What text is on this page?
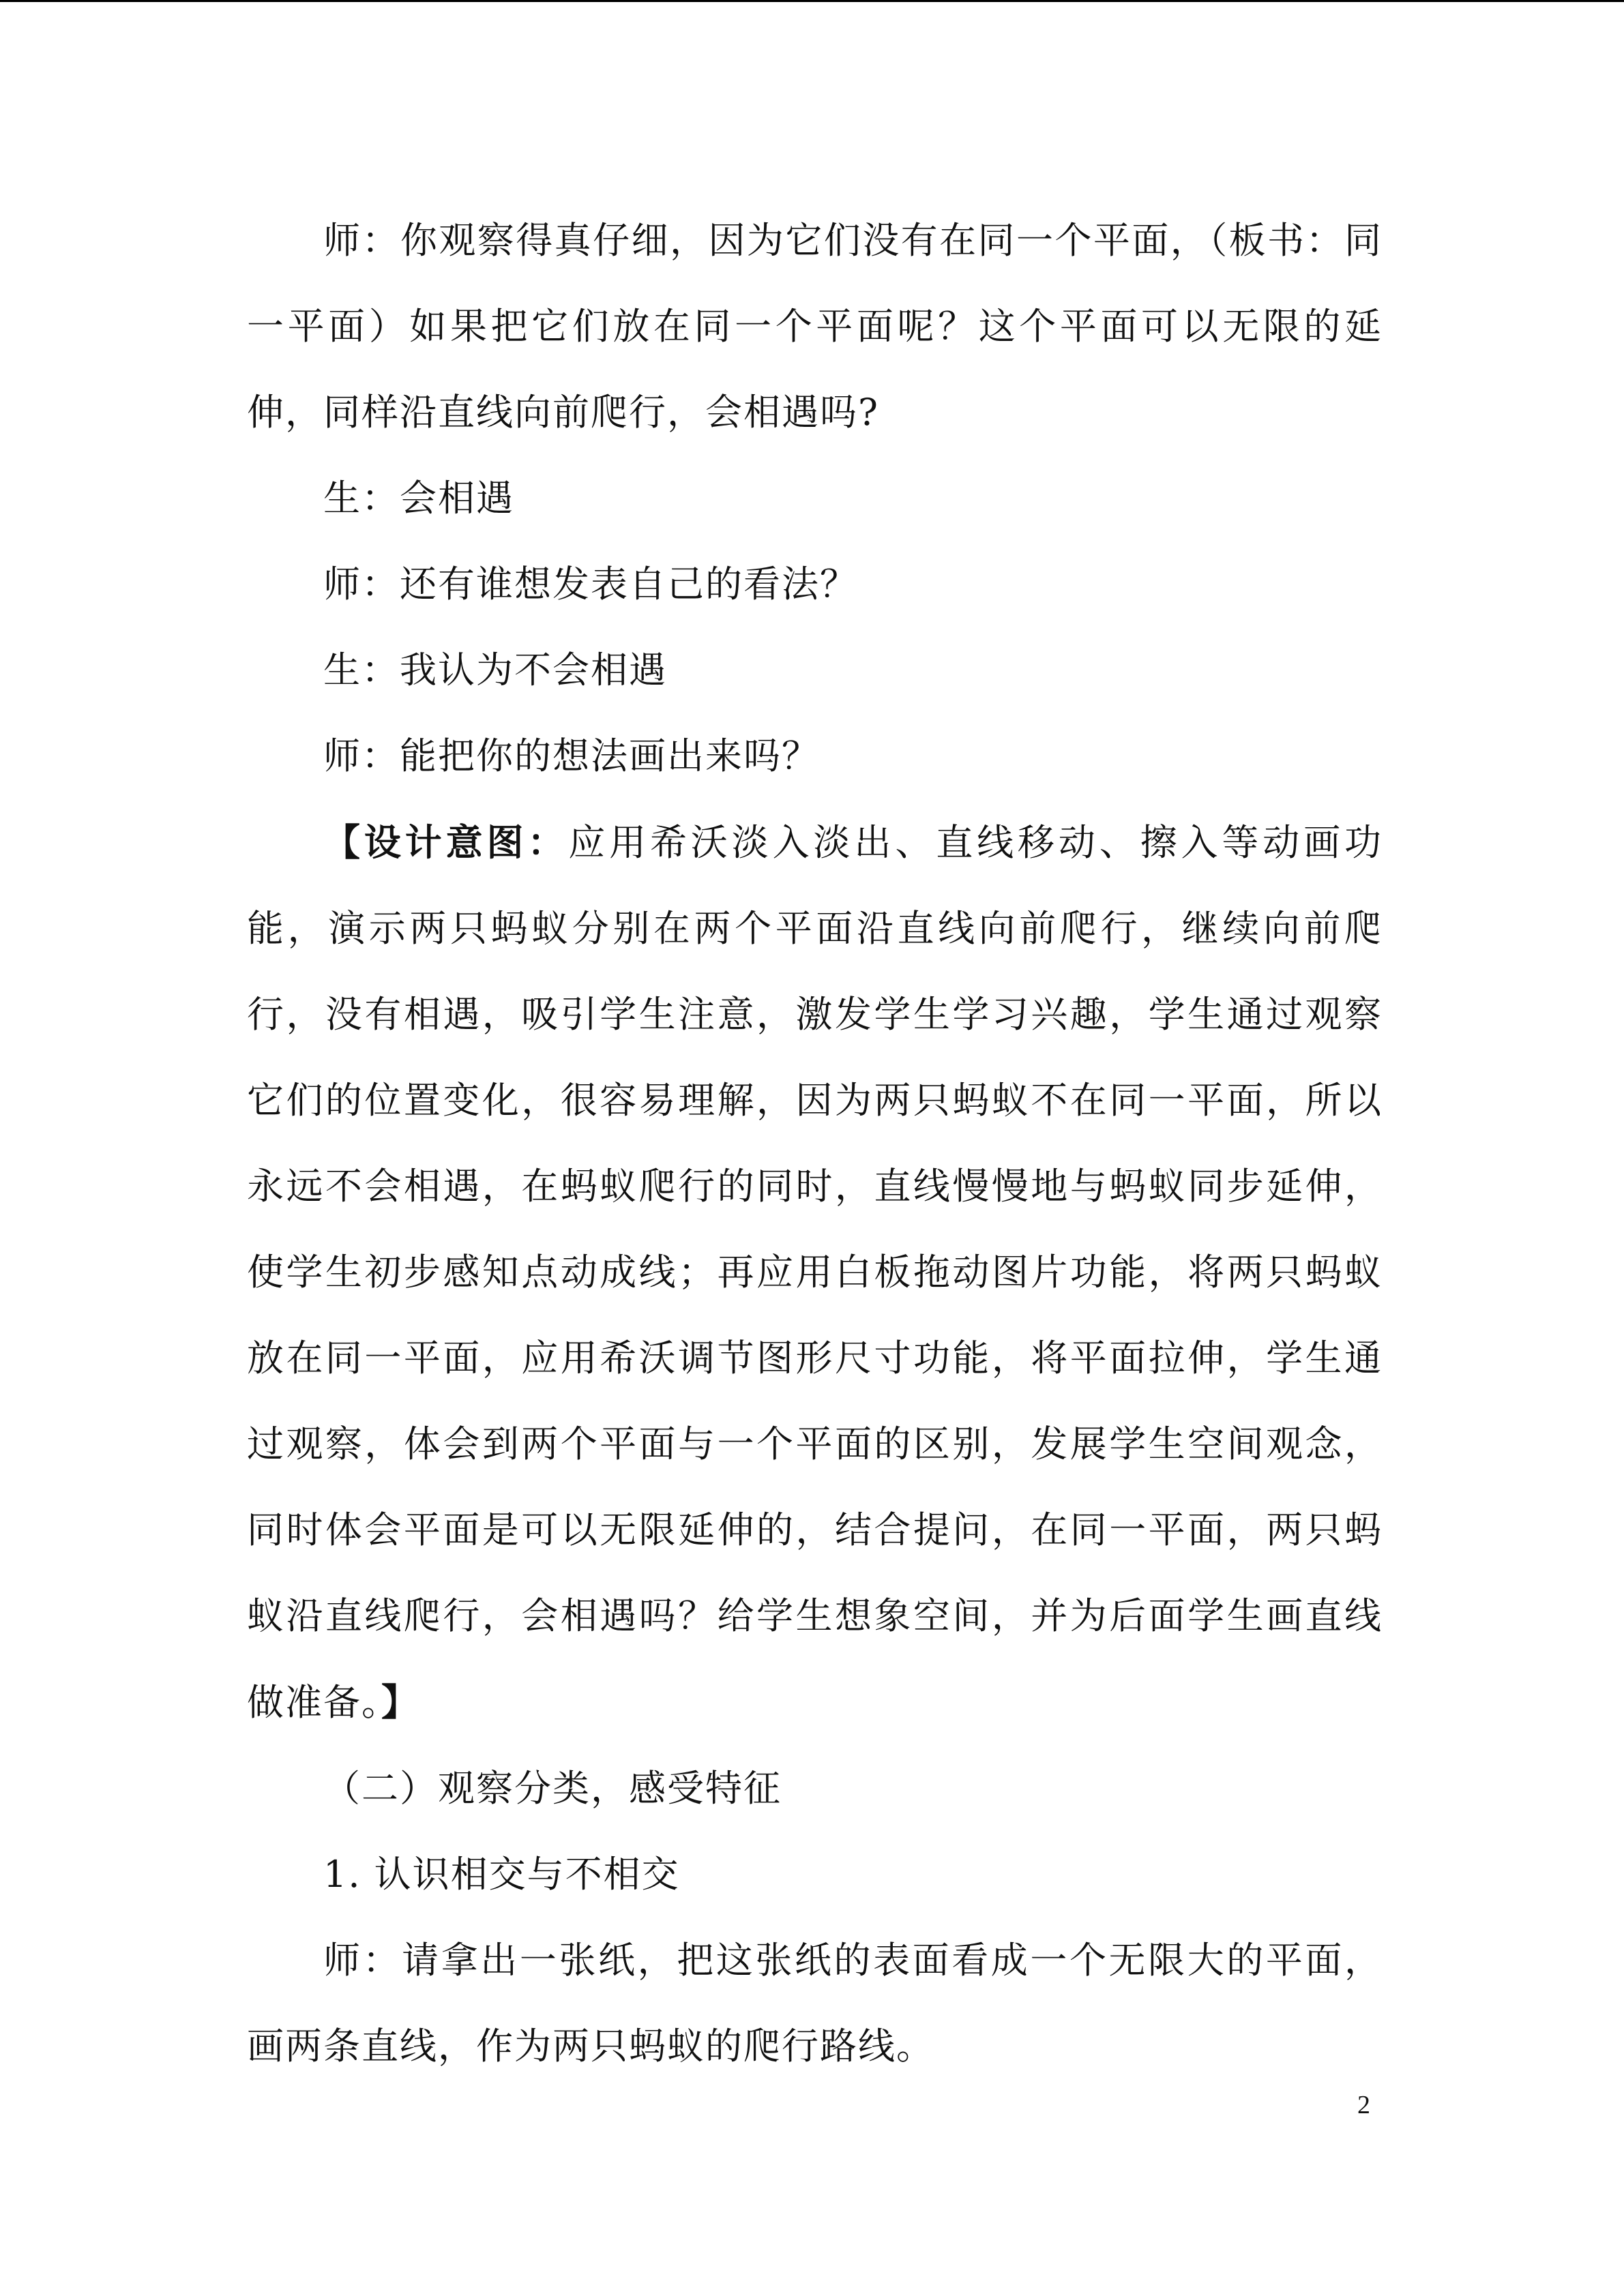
师：你观察得真仔细，因为它们没有在同一个平面，（板书：同一平面）如果把它们放在同一个平面呢？这个平面可以无限的延伸，同样沿直线向前爬行，会相遇吗?

生：会相遇

师：还有谁想发表自己的看法？

生：我认为不会相遇

师：能把你的想法画出来吗？

【设计意图：应用希沃淡入淡出、直线移动、擦入等动画功能，演示两只蚂蚁分别在两个平面沿直线向前爬行，继续向前爬行，没有相遇，吸引学生注意，激发学生学习兴趣，学生通过观察它们的位置变化，很容易理解，因为两只蚂蚁不在同一平面，所以永远不会相遇，在蚂蚁爬行的同时，直线慢慢地与蚂蚁同步延伸，使学生初步感知点动成线；再应用白板拖动图片功能，将两只蚂蚁放在同一平面，应用希沃调节图形尺寸功能，将平面拉伸，学生通过观察，体会到两个平面与一个平面的区别，发展学生空间观念，同时体会平面是可以无限延伸的，结合提问，在同一平面，两只蚂蚁沿直线爬行，会相遇吗？给学生想象空间，并为后面学生画直线做准备。】

（二）观察分类，感受特征

1. 认识相交与不相交

师：请拿出一张纸，把这张纸的表面看成一个无限大的平面，画两条直线，作为两只蚂蚁的爬行路线。

2
